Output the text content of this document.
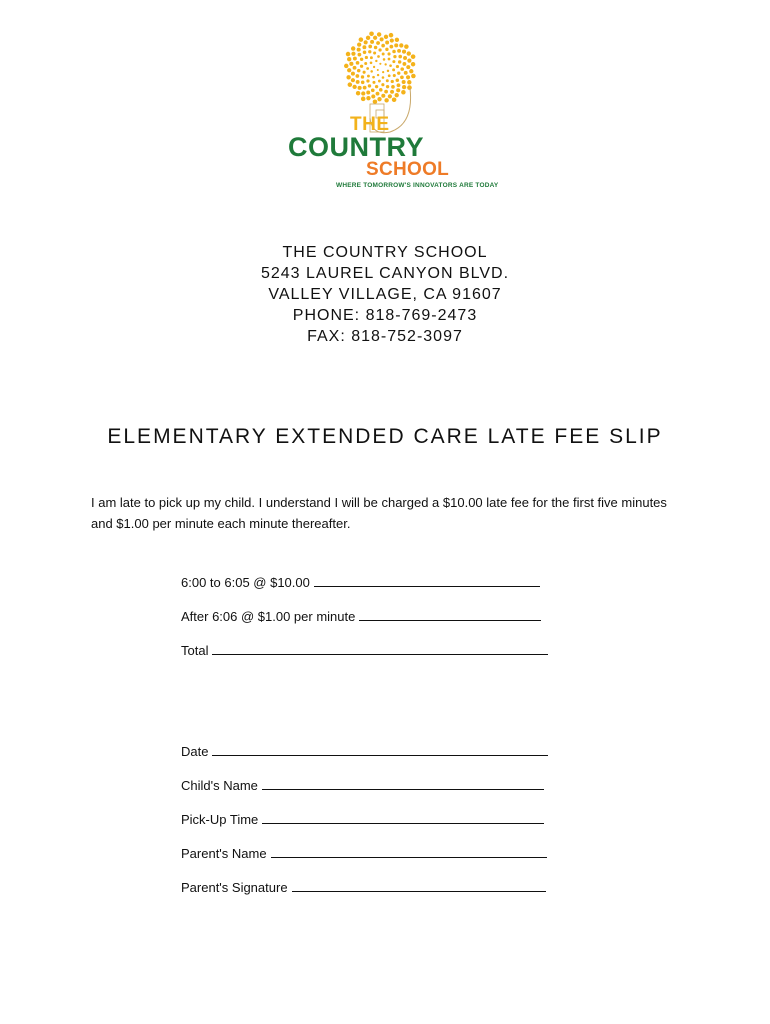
THE
COUNTRY
SCHOOL
WHERE TOMORROW'S INNOVATORS ARE TODAY
THE COUNTRY SCHOOL
5243 LAUREL CANYON BLVD.
VALLEY VILLAGE, CA 91607
PHONE: 818-769-2473
FAX: 818-752-3097
ELEMENTARY EXTENDED CARE LATE FEE SLIP
I am late to pick up my child. I understand I will be charged a $10.00 late fee for the first five minutes and $1.00 per minute each minute thereafter.
6:00 to 6:05 @ $10.00
After 6:06 @ $1.00 per minute
Total
Date
Child's Name
Pick-Up Time
Parent's Name
Parent's Signature
